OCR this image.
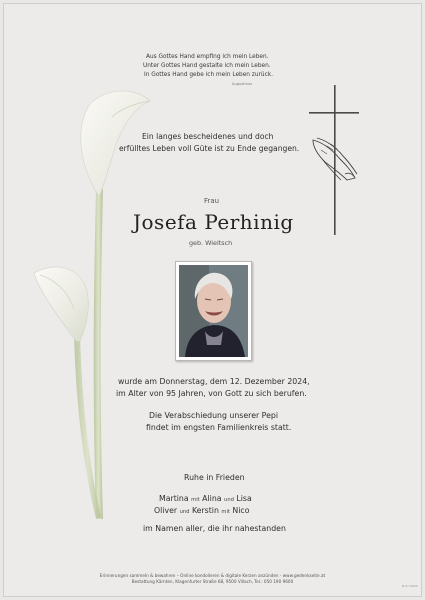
Aus Gottes Hand empfing ich mein Leben.
Unter Gottes Hand gestalte ich mein Leben.
In Gottes Hand gebe ich mein Leben zurück.
Augustinus
Ein langes bescheidenes und doch
erfülltes Leben voll Güte ist zu Ende gegangen.
Frau
Josefa Perhinig
geb. Wieltsch
wurde am Donnerstag, dem 12. Dezember 2024,
im Alter von 95 Jahren, von Gott zu sich berufen.
Die Verabschiedung unserer Pepi
findet im engsten Familienkreis statt.
Ruhe in Frieden
Martina mit Alina und Lisa
Oliver und Kerstin mit Nico
im Namen aller, die ihr nahestanden
Erinnerungen sammeln & bewahren – Online kondolieren & digitale Kerzen anzünden - www.gedenkseite.at
Bestattung Kärnten, Klagenfurter Straße 68, 9500 Villach, Tel.: 050 190 9600
B-07-9600
